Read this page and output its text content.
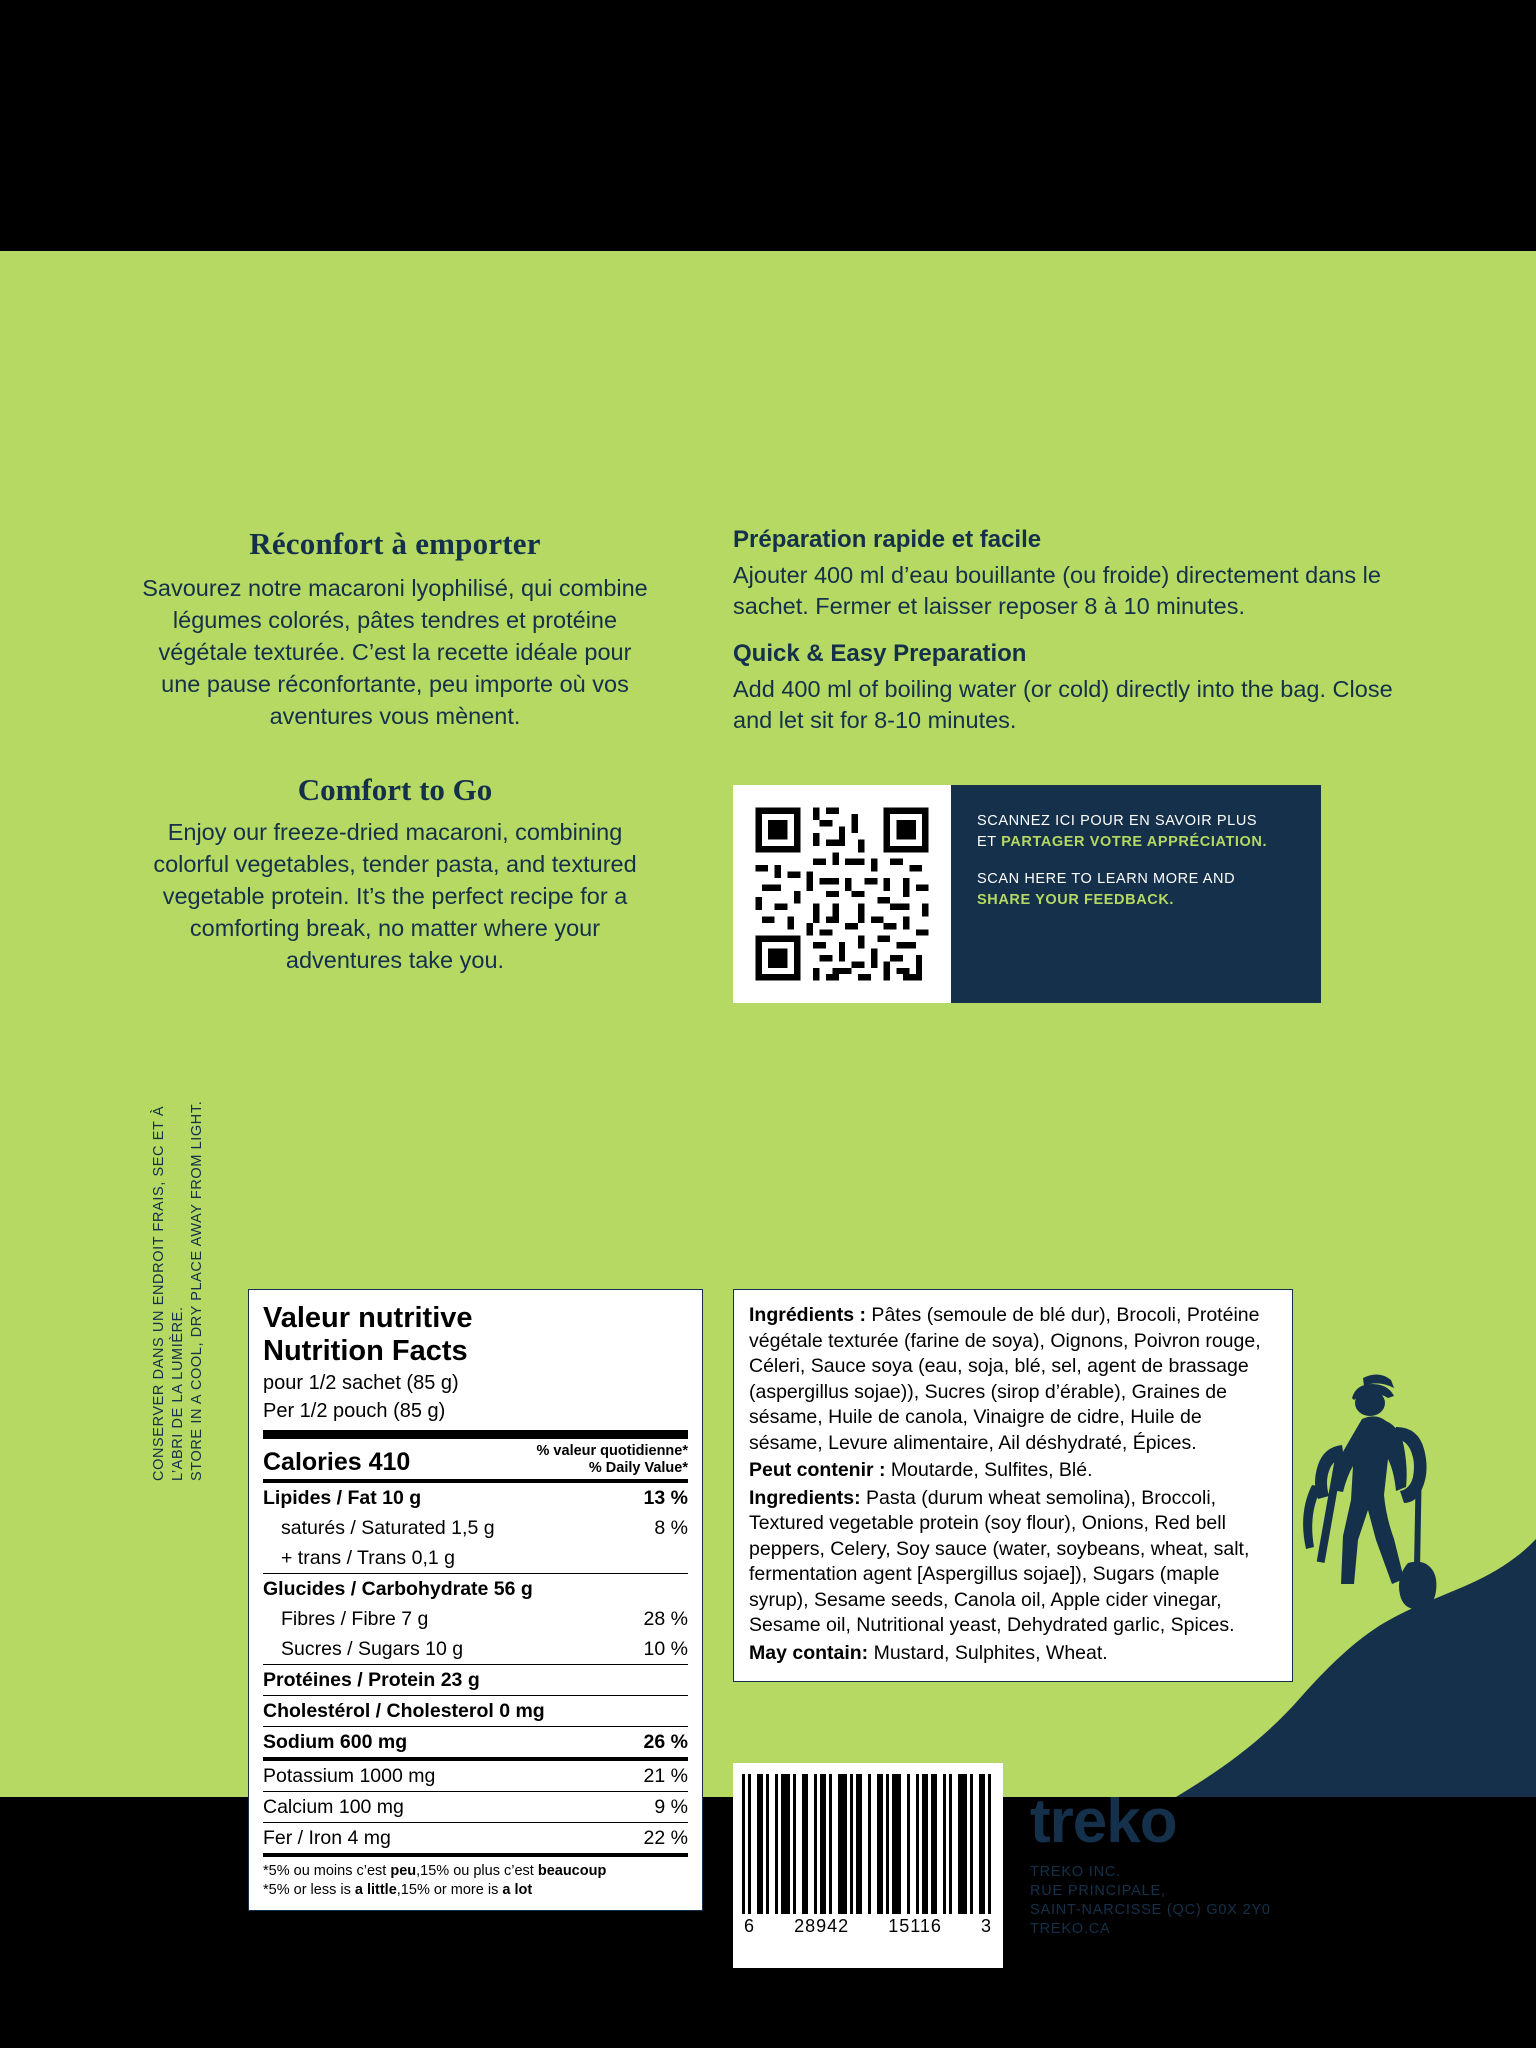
Réconfort à emporter

Savourez notre macaroni lyophilisé, qui combine légumes colorés, pâtes tendres et protéine végétale texturée. C’est la recette idéale pour une pause réconfortante, peu importe où vos aventures vous mènent.

Comfort to Go

Enjoy our freeze-dried macaroni, combining colorful vegetables, tender pasta, and textured vegetable protein. It’s the perfect recipe for a comforting break, no matter where your adventures take you.

Préparation rapide et facile

Ajouter 400 ml d’eau bouillante (ou froide) directement dans le sachet. Fermer et laisser reposer 8 à 10 minutes.

Quick & Easy Preparation

Add 400 ml of boiling water (or cold) directly into the bag. Close and let sit for 8-10 minutes.

SCANNEZ ICI POUR EN SAVOIR PLUS
ET PARTAGER VOTRE APPRÉCIATION.
SCAN HERE TO LEARN MORE AND
SHARE YOUR FEEDBACK.
Valeur nutritive
Nutrition Facts
pour 1/2 sachet (85 g)
Per 1/2 pouch (85 g)
Calories 410	% valeur quotidienne*
% Daily Value*
Lipides / Fat 10 g	13 %
saturés / Saturated 1,5 g	8 %
+ trans / Trans 0,1 g
Glucides / Carbohydrate 56 g
Fibres / Fibre 7 g	28 %
Sucres / Sugars 10 g	10 %
Protéines / Protein 23 g
Cholestérol / Cholesterol 0 mg
Sodium 600 mg	26 %
Potassium 1000 mg	21 %
Calcium 100 mg	9 %
Fer / Iron 4 mg	22 %
*5% ou moins c’est peu,15% ou plus c’est beaucoup
*5% or less is a little,15% or more is a lot

Ingrédients : Pâtes (semoule de blé dur), Brocoli, Protéine végétale texturée (farine de soya), Oignons, Poivron rouge, Céleri, Sauce soya (eau, soja, blé, sel, agent de brassage (aspergillus sojae)), Sucres (sirop d’érable), Graines de sésame, Huile de canola, Vinaigre de cidre, Huile de sésame, Levure alimentaire, Ail déshydraté, Épices.

Peut contenir : Moutarde, Sulfites, Blé.

Ingredients: Pasta (durum wheat semolina), Broccoli, Textured vegetable protein (soy flour), Onions, Red bell peppers, Celery, Soy sauce (water, soybeans, wheat, salt, fermentation agent [Aspergillus sojae]), Sugars (maple syrup), Sesame seeds, Canola oil, Apple cider vinegar, Sesame oil, Nutritional yeast, Dehydrated garlic, Spices.

May contain: Mustard, Sulphites, Wheat.

6 28942 15116 3
treko
TREKO INC.
RUE PRINCIPALE,
SAINT-NARCISSE (QC) G0X 2Y0
TREKO.CA
CONSERVER DANS UN ENDROIT FRAIS, SEC ET À L’ABRI DE LA LUMIÈRE. STORE IN A COOL, DRY PLACE AWAY FROM LIGHT.
